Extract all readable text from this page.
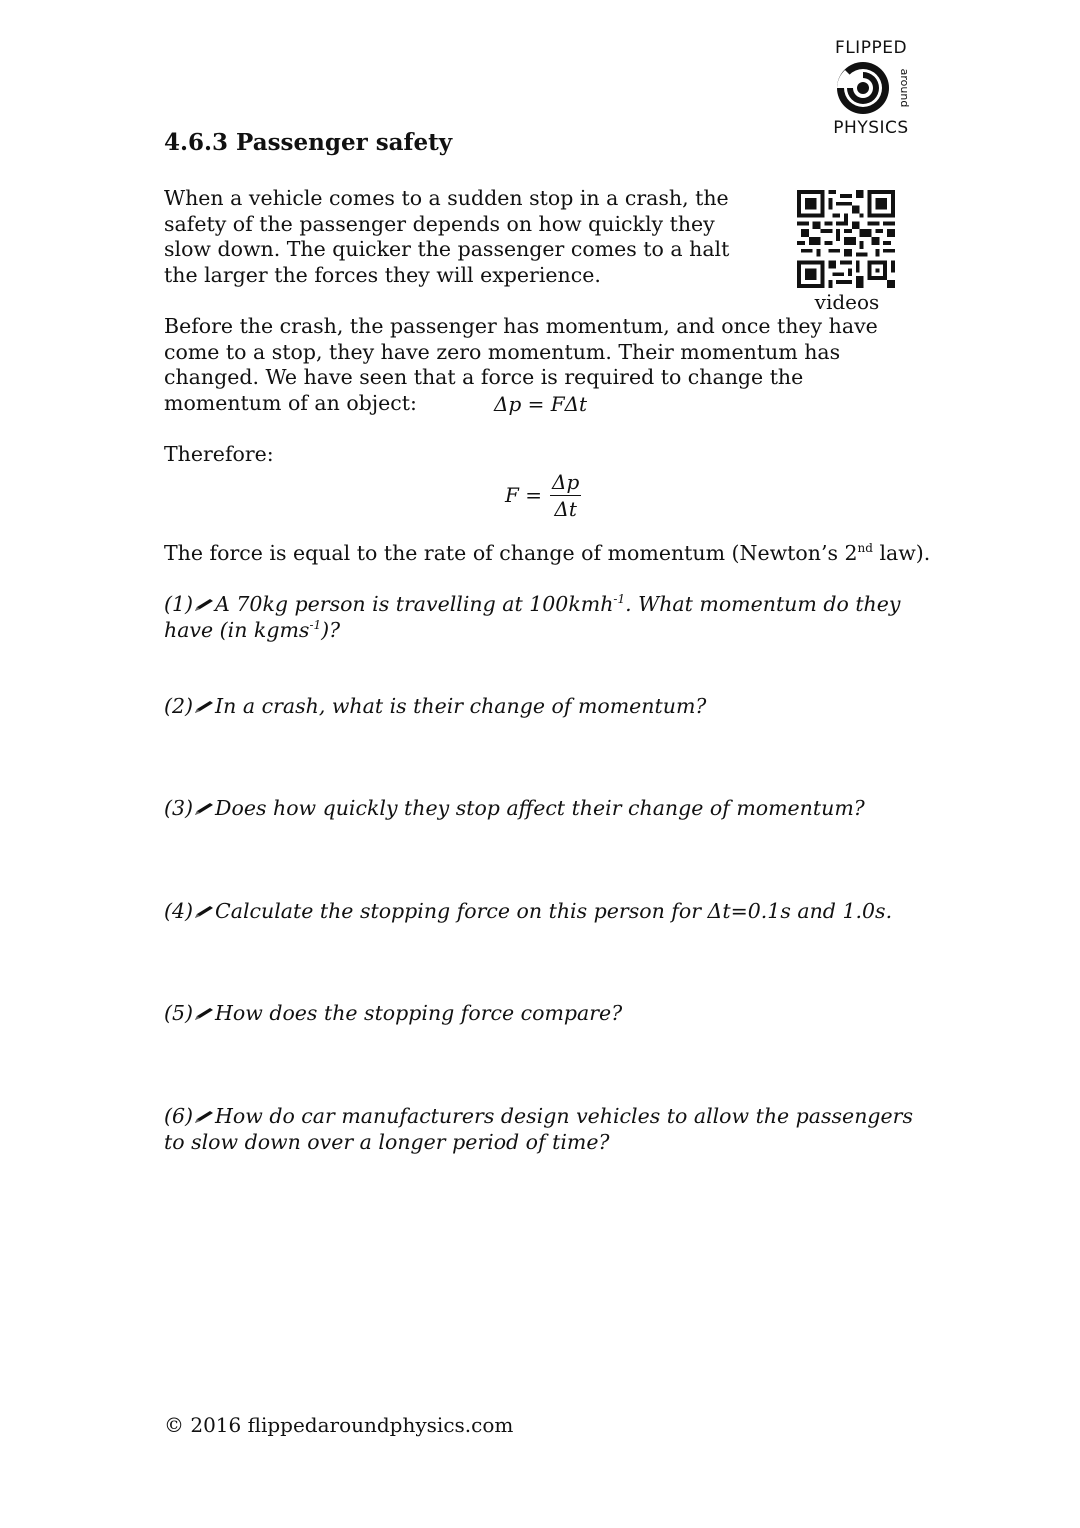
FLIPPED
around
PHYSICS
4.6.3 Passenger safety
videos
When a vehicle comes to a sudden stop in a crash, the safety of the passenger depends on how quickly they slow down. The quicker the passenger comes to a halt the larger the forces they will experience.
Before the crash, the passenger has momentum, and once they have come to a stop, they have zero momentum. Their momentum has changed. We have seen that a force is required to change the momentum of an object:	Δp = FΔt
Therefore:
$F = \frac{\Delta p}{\Delta t}$
The force is equal to the rate of change of momentum (Newton’s 2nd law).
(1) A 70kg person is travelling at 100kmh$^{-1}$. What momentum do they have (in kgms$^{-1}$)?
(2) In a crash, what is their change of momentum?
(3) Does how quickly they stop affect their change of momentum?
(4) Calculate the stopping force on this person for Δt=0.1s and 1.0s.
(5) How does the stopping force compare?
(6) How do car manufacturers design vehicles to allow the passengers to slow down over a longer period of time?
© 2016 flippedaroundphysics.com
